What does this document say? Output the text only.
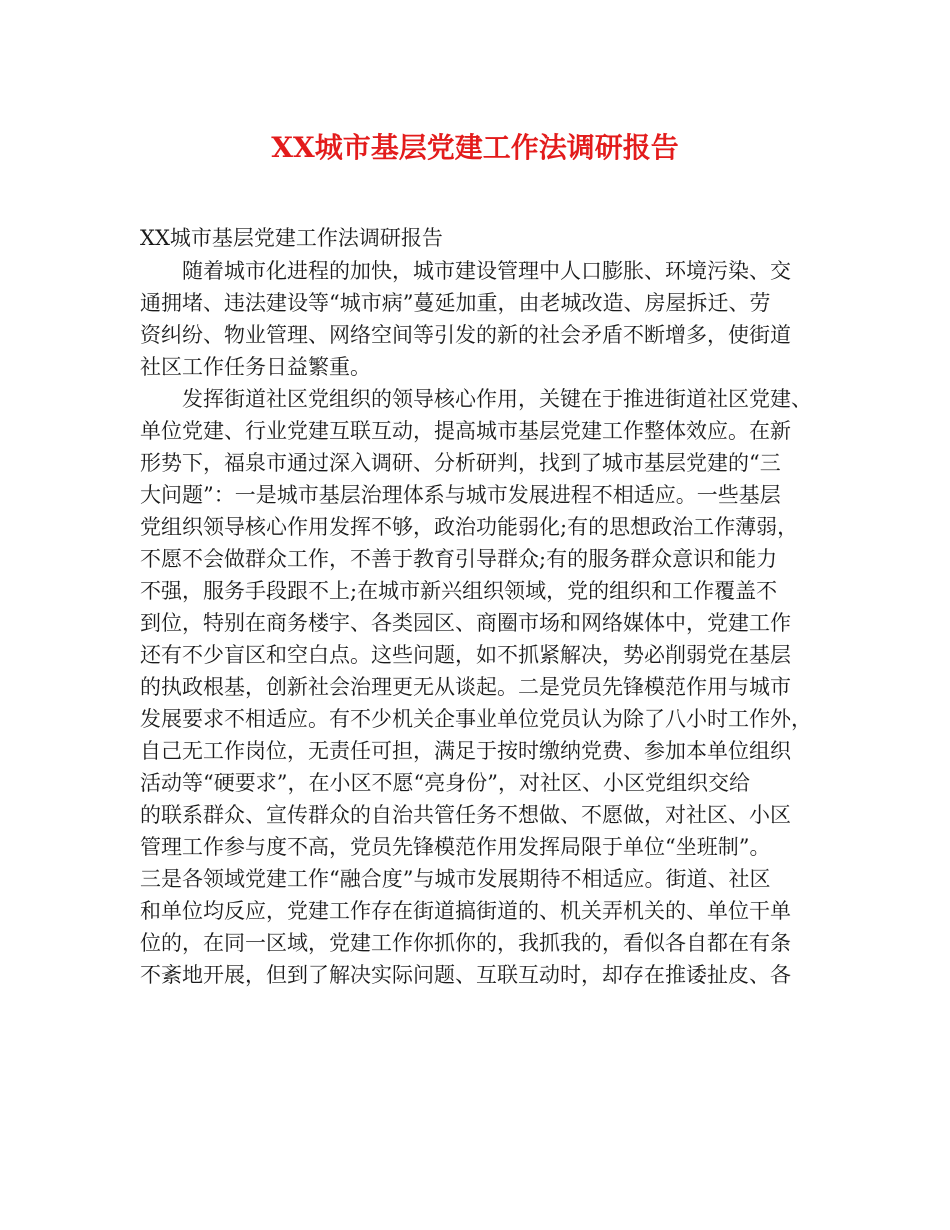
XX城市基层党建工作法调研报告
XX城市基层党建工作法调研报告
　　随着城市化进程的加快，城市建设管理中人口膨胀、环境污染、交
通拥堵、违法建设等“城市病”蔓延加重，由老城改造、房屋拆迁、劳
资纠纷、物业管理、网络空间等引发的新的社会矛盾不断增多，使街道
社区工作任务日益繁重。
　　发挥街道社区党组织的领导核心作用，关键在于推进街道社区党建、
单位党建、行业党建互联互动，提高城市基层党建工作整体效应。在新
形势下，福泉市通过深入调研、分析研判，找到了城市基层党建的“三
大问题”：一是城市基层治理体系与城市发展进程不相适应。一些基层
党组织领导核心作用发挥不够，政治功能弱化;有的思想政治工作薄弱，
不愿不会做群众工作，不善于教育引导群众;有的服务群众意识和能力
不强，服务手段跟不上;在城市新兴组织领域，党的组织和工作覆盖不
到位，特别在商务楼宇、各类园区、商圈市场和网络媒体中，党建工作
还有不少盲区和空白点。这些问题，如不抓紧解决，势必削弱党在基层
的执政根基，创新社会治理更无从谈起。二是党员先锋模范作用与城市
发展要求不相适应。有不少机关企事业单位党员认为除了八小时工作外，
自己无工作岗位，无责任可担，满足于按时缴纳党费、参加本单位组织
活动等“硬要求”，在小区不愿“亮身份”，对社区、小区党组织交给
的联系群众、宣传群众的自治共管任务不想做、不愿做，对社区、小区
管理工作参与度不高，党员先锋模范作用发挥局限于单位“坐班制”。
三是各领域党建工作“融合度”与城市发展期待不相适应。街道、社区
和单位均反应，党建工作存在街道搞街道的、机关弄机关的、单位干单
位的，在同一区域，党建工作你抓你的，我抓我的，看似各自都在有条
不紊地开展，但到了解决实际问题、互联互动时，却存在推诿扯皮、各
